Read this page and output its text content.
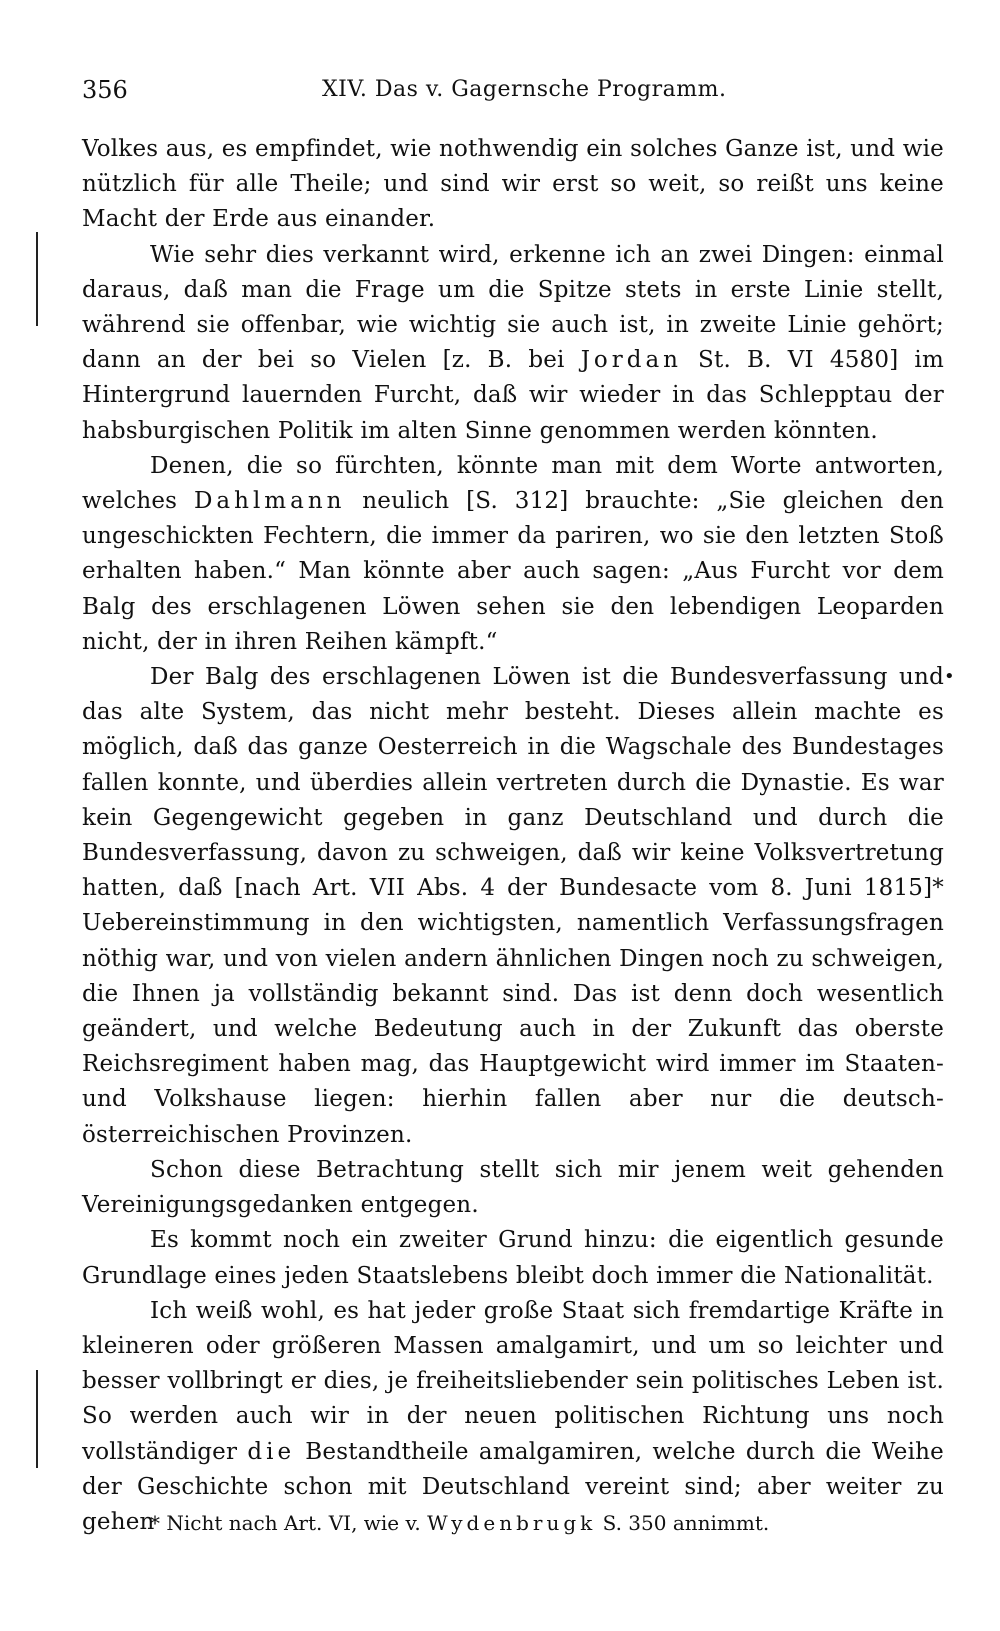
356	XIV. Das v. Gagernsche Programm.
•

Volkes aus, es empfindet, wie nothwendig ein solches Ganze ist, und wie nützlich für alle Theile; und sind wir erst so weit, so reißt uns keine Macht der Erde aus einander.

Wie sehr dies verkannt wird, erkenne ich an zwei Dingen: einmal daraus, daß man die Frage um die Spitze stets in erste Linie stellt, während sie offenbar, wie wichtig sie auch ist, in zweite Linie gehört; dann an der bei so Vielen [z. B. bei Jordan St. B. VI 4580] im Hintergrund lauernden Furcht, daß wir wieder in das Schlepptau der habsburgischen Politik im alten Sinne genommen werden könnten.

Denen, die so fürchten, könnte man mit dem Worte antworten, welches Dahlmann neulich [S. 312] brauchte: „Sie gleichen den ungeschickten Fechtern, die immer da pariren, wo sie den letzten Stoß erhalten haben.“ Man könnte aber auch sagen: „Aus Furcht vor dem Balg des erschlagenen Löwen sehen sie den lebendigen Leoparden nicht, der in ihren Reihen kämpft.“

Der Balg des erschlagenen Löwen ist die Bundesverfassung und das alte System, das nicht mehr besteht. Dieses allein machte es möglich, daß das ganze Oesterreich in die Wagschale des Bundestages fallen konnte, und überdies allein vertreten durch die Dynastie. Es war kein Gegengewicht gegeben in ganz Deutschland und durch die Bundesverfassung, davon zu schweigen, daß wir keine Volksvertretung hatten, daß [nach Art. VII Abs. 4 der Bundesacte vom 8. Juni 1815]* Uebereinstimmung in den wichtigsten, namentlich Verfassungsfragen nöthig war, und von vielen andern ähnlichen Dingen noch zu schweigen, die Ihnen ja vollständig bekannt sind. Das ist denn doch wesentlich geändert, und welche Bedeutung auch in der Zukunft das oberste Reichsregiment haben mag, das Hauptgewicht wird immer im Staaten- und Volkshause liegen: hierhin fallen aber nur die deutsch-österreichischen Provinzen.

Schon diese Betrachtung stellt sich mir jenem weit gehenden Vereinigungsgedanken entgegen.

Es kommt noch ein zweiter Grund hinzu: die eigentlich gesunde Grundlage eines jeden Staatslebens bleibt doch immer die Nationalität.

Ich weiß wohl, es hat jeder große Staat sich fremdartige Kräfte in kleineren oder größeren Massen amalgamirt, und um so leichter und besser vollbringt er dies, je freiheitsliebender sein politisches Leben ist. So werden auch wir in der neuen politischen Richtung uns noch vollständiger die Bestandtheile amalgamiren, welche durch die Weihe der Geschichte schon mit Deutschland vereint sind; aber weiter zu gehen

* Nicht nach Art. VI, wie v. Wydenbrugk S. 350 annimmt.
